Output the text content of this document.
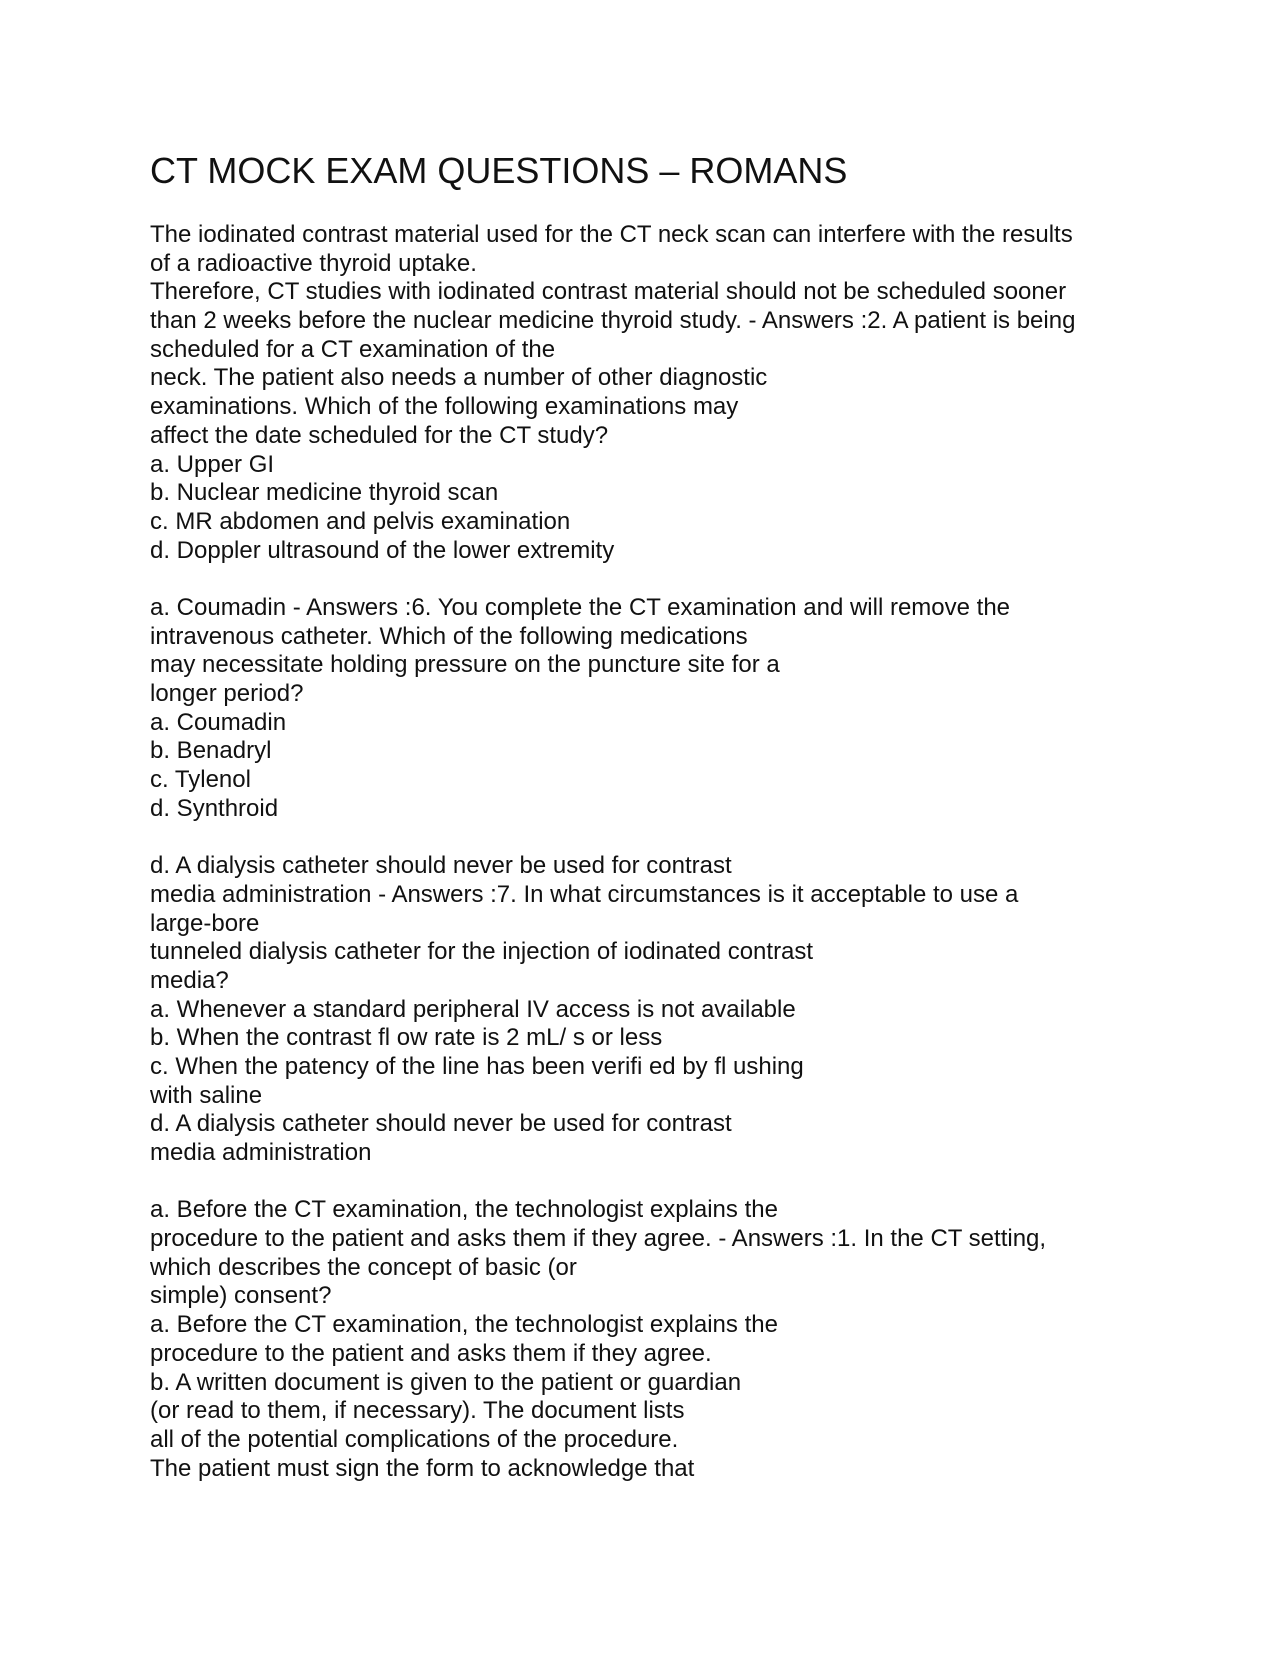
CT MOCK EXAM QUESTIONS – ROMANS
The iodinated contrast material used for the CT neck scan can interfere with the results
of a radioactive thyroid uptake.
Therefore, CT studies with iodinated contrast material should not be scheduled sooner
than 2 weeks before the nuclear medicine thyroid study. - Answers :2. A patient is being
scheduled for a CT examination of the
neck. The patient also needs a number of other diagnostic
examinations. Which of the following examinations may
affect the date scheduled for the CT study?
a. Upper GI
b. Nuclear medicine thyroid scan
c. MR abdomen and pelvis examination
d. Doppler ultrasound of the lower extremity
a. Coumadin - Answers :6. You complete the CT examination and will remove the
intravenous catheter. Which of the following medications
may necessitate holding pressure on the puncture site for a
longer period?
a. Coumadin
b. Benadryl
c. Tylenol
d. Synthroid
d. A dialysis catheter should never be used for contrast
media administration - Answers :7. In what circumstances is it acceptable to use a
large-bore
tunneled dialysis catheter for the injection of iodinated contrast
media?
a. Whenever a standard peripheral IV access is not available
b. When the contrast fl ow rate is 2 mL/ s or less
c. When the patency of the line has been verifi ed by fl ushing
with saline
d. A dialysis catheter should never be used for contrast
media administration
a. Before the CT examination, the technologist explains the
procedure to the patient and asks them if they agree. - Answers :1. In the CT setting,
which describes the concept of basic (or
simple) consent?
a. Before the CT examination, the technologist explains the
procedure to the patient and asks them if they agree.
b. A written document is given to the patient or guardian
(or read to them, if necessary). The document lists
all of the potential complications of the procedure.
The patient must sign the form to acknowledge that
